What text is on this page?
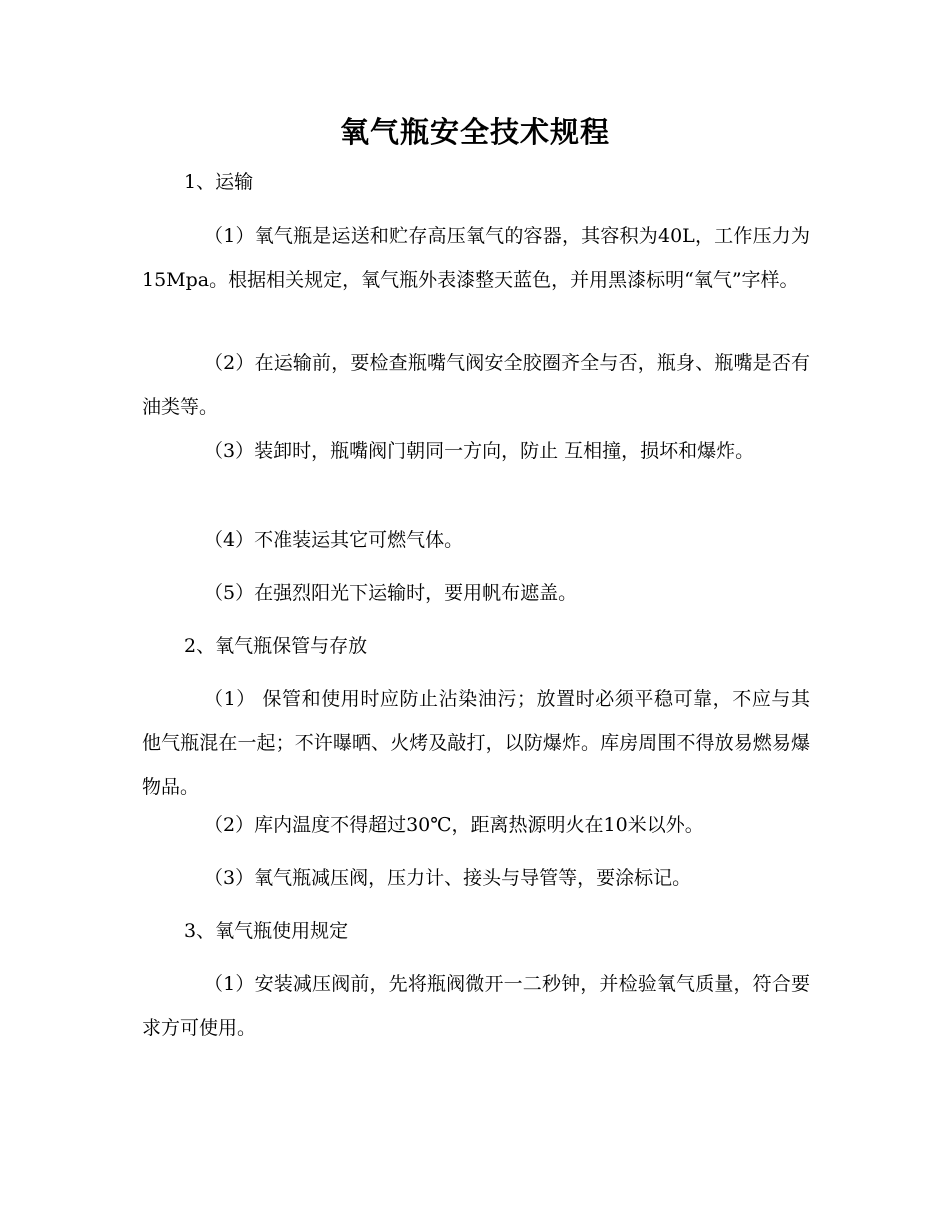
氧气瓶安全技术规程

1、运输

（1）氧气瓶是运送和贮存高压氧气的容器，其容积为40L，工作压力为15Mpa。根据相关规定，氧气瓶外表漆整天蓝色，并用黑漆标明“氧气”字样。

（2）在运输前，要检查瓶嘴气阀安全胶圈齐全与否，瓶身、瓶嘴是否有油类等。

（3）装卸时，瓶嘴阀门朝同一方向，防止 互相撞，损坏和爆炸。

（4）不准装运其它可燃气体。

（5）在强烈阳光下运输时，要用帆布遮盖。

2、氧气瓶保管与存放

（1） 保管和使用时应防止沾染油污；放置时必须平稳可靠，不应与其他气瓶混在一起；不许曝晒、火烤及敲打，以防爆炸。库房周围不得放易燃易爆物品。

（2）库内温度不得超过30℃，距离热源明火在10米以外。

（3）氧气瓶减压阀，压力计、接头与导管等，要涂标记。

3、氧气瓶使用规定

（1）安装减压阀前，先将瓶阀微开一二秒钟，并检验氧气质量，符合要求方可使用。
